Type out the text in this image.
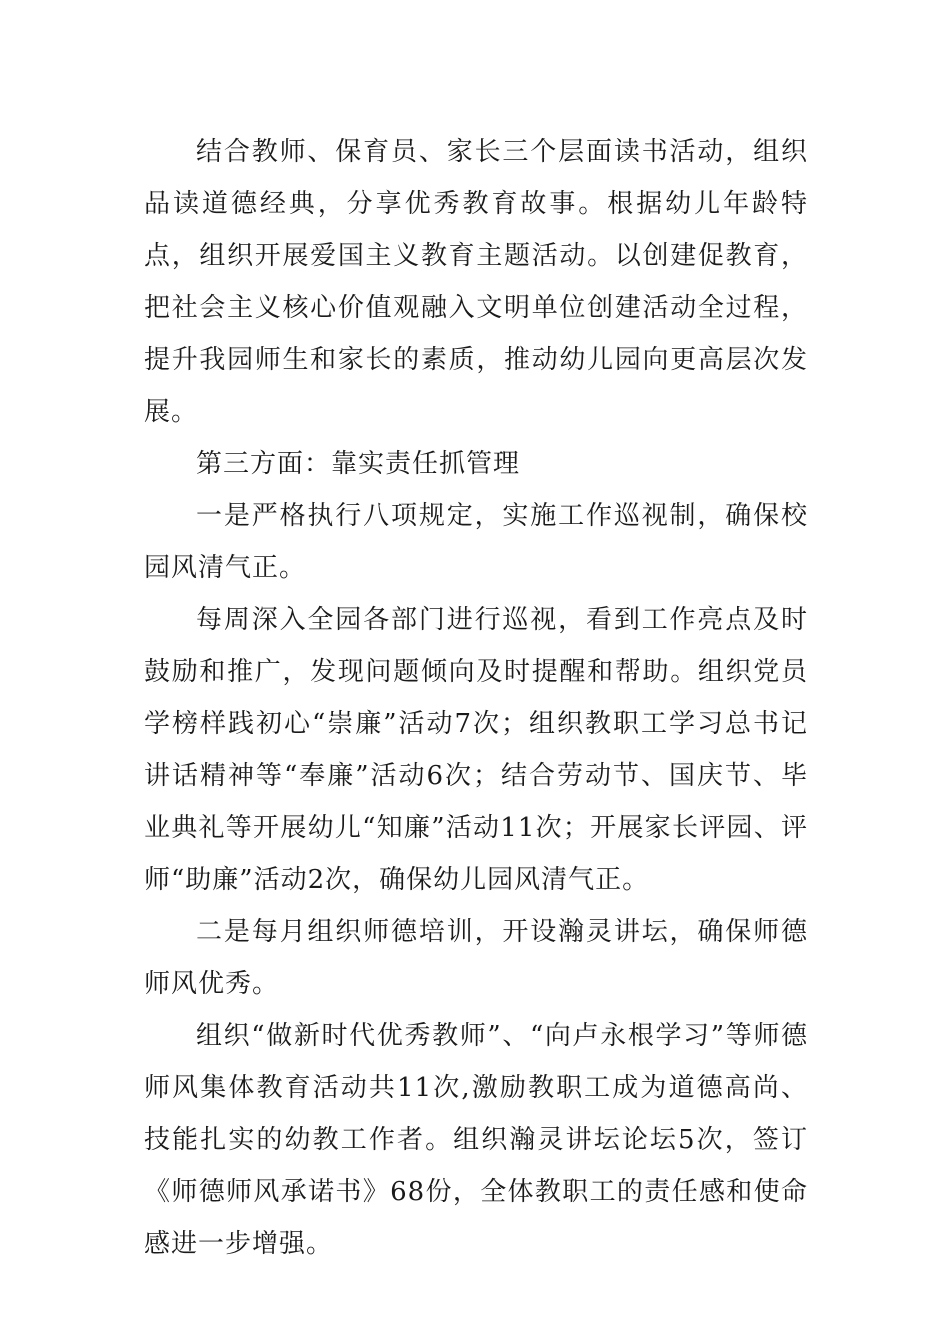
结合教师、保育员、家长三个层面读书活动，组织品读道德经典，分享优秀教育故事。根据幼儿年龄特点，组织开展爱国主义教育主题活动。以创建促教育，把社会主义核心价值观融入文明单位创建活动全过程，提升我园师生和家长的素质，推动幼儿园向更高层次发展。

第三方面：靠实责任抓管理

一是严格执行八项规定，实施工作巡视制，确保校园风清气正。

每周深入全园各部门进行巡视，看到工作亮点及时鼓励和推广，发现问题倾向及时提醒和帮助。组织党员学榜样践初心“崇廉”活动7次；组织教职工学习总书记讲话精神等“奉廉”活动6次；结合劳动节、国庆节、毕业典礼等开展幼儿“知廉”活动11次；开展家长评园、评师“助廉”活动2次，确保幼儿园风清气正。

二是每月组织师德培训，开设瀚灵讲坛，确保师德师风优秀。

组织“做新时代优秀教师”、“向卢永根学习”等师德师风集体教育活动共11次,激励教职工成为道德高尚、技能扎实的幼教工作者。组织瀚灵讲坛论坛5次，签订《师德师风承诺书》68份，全体教职工的责任感和使命感进一步增强。
